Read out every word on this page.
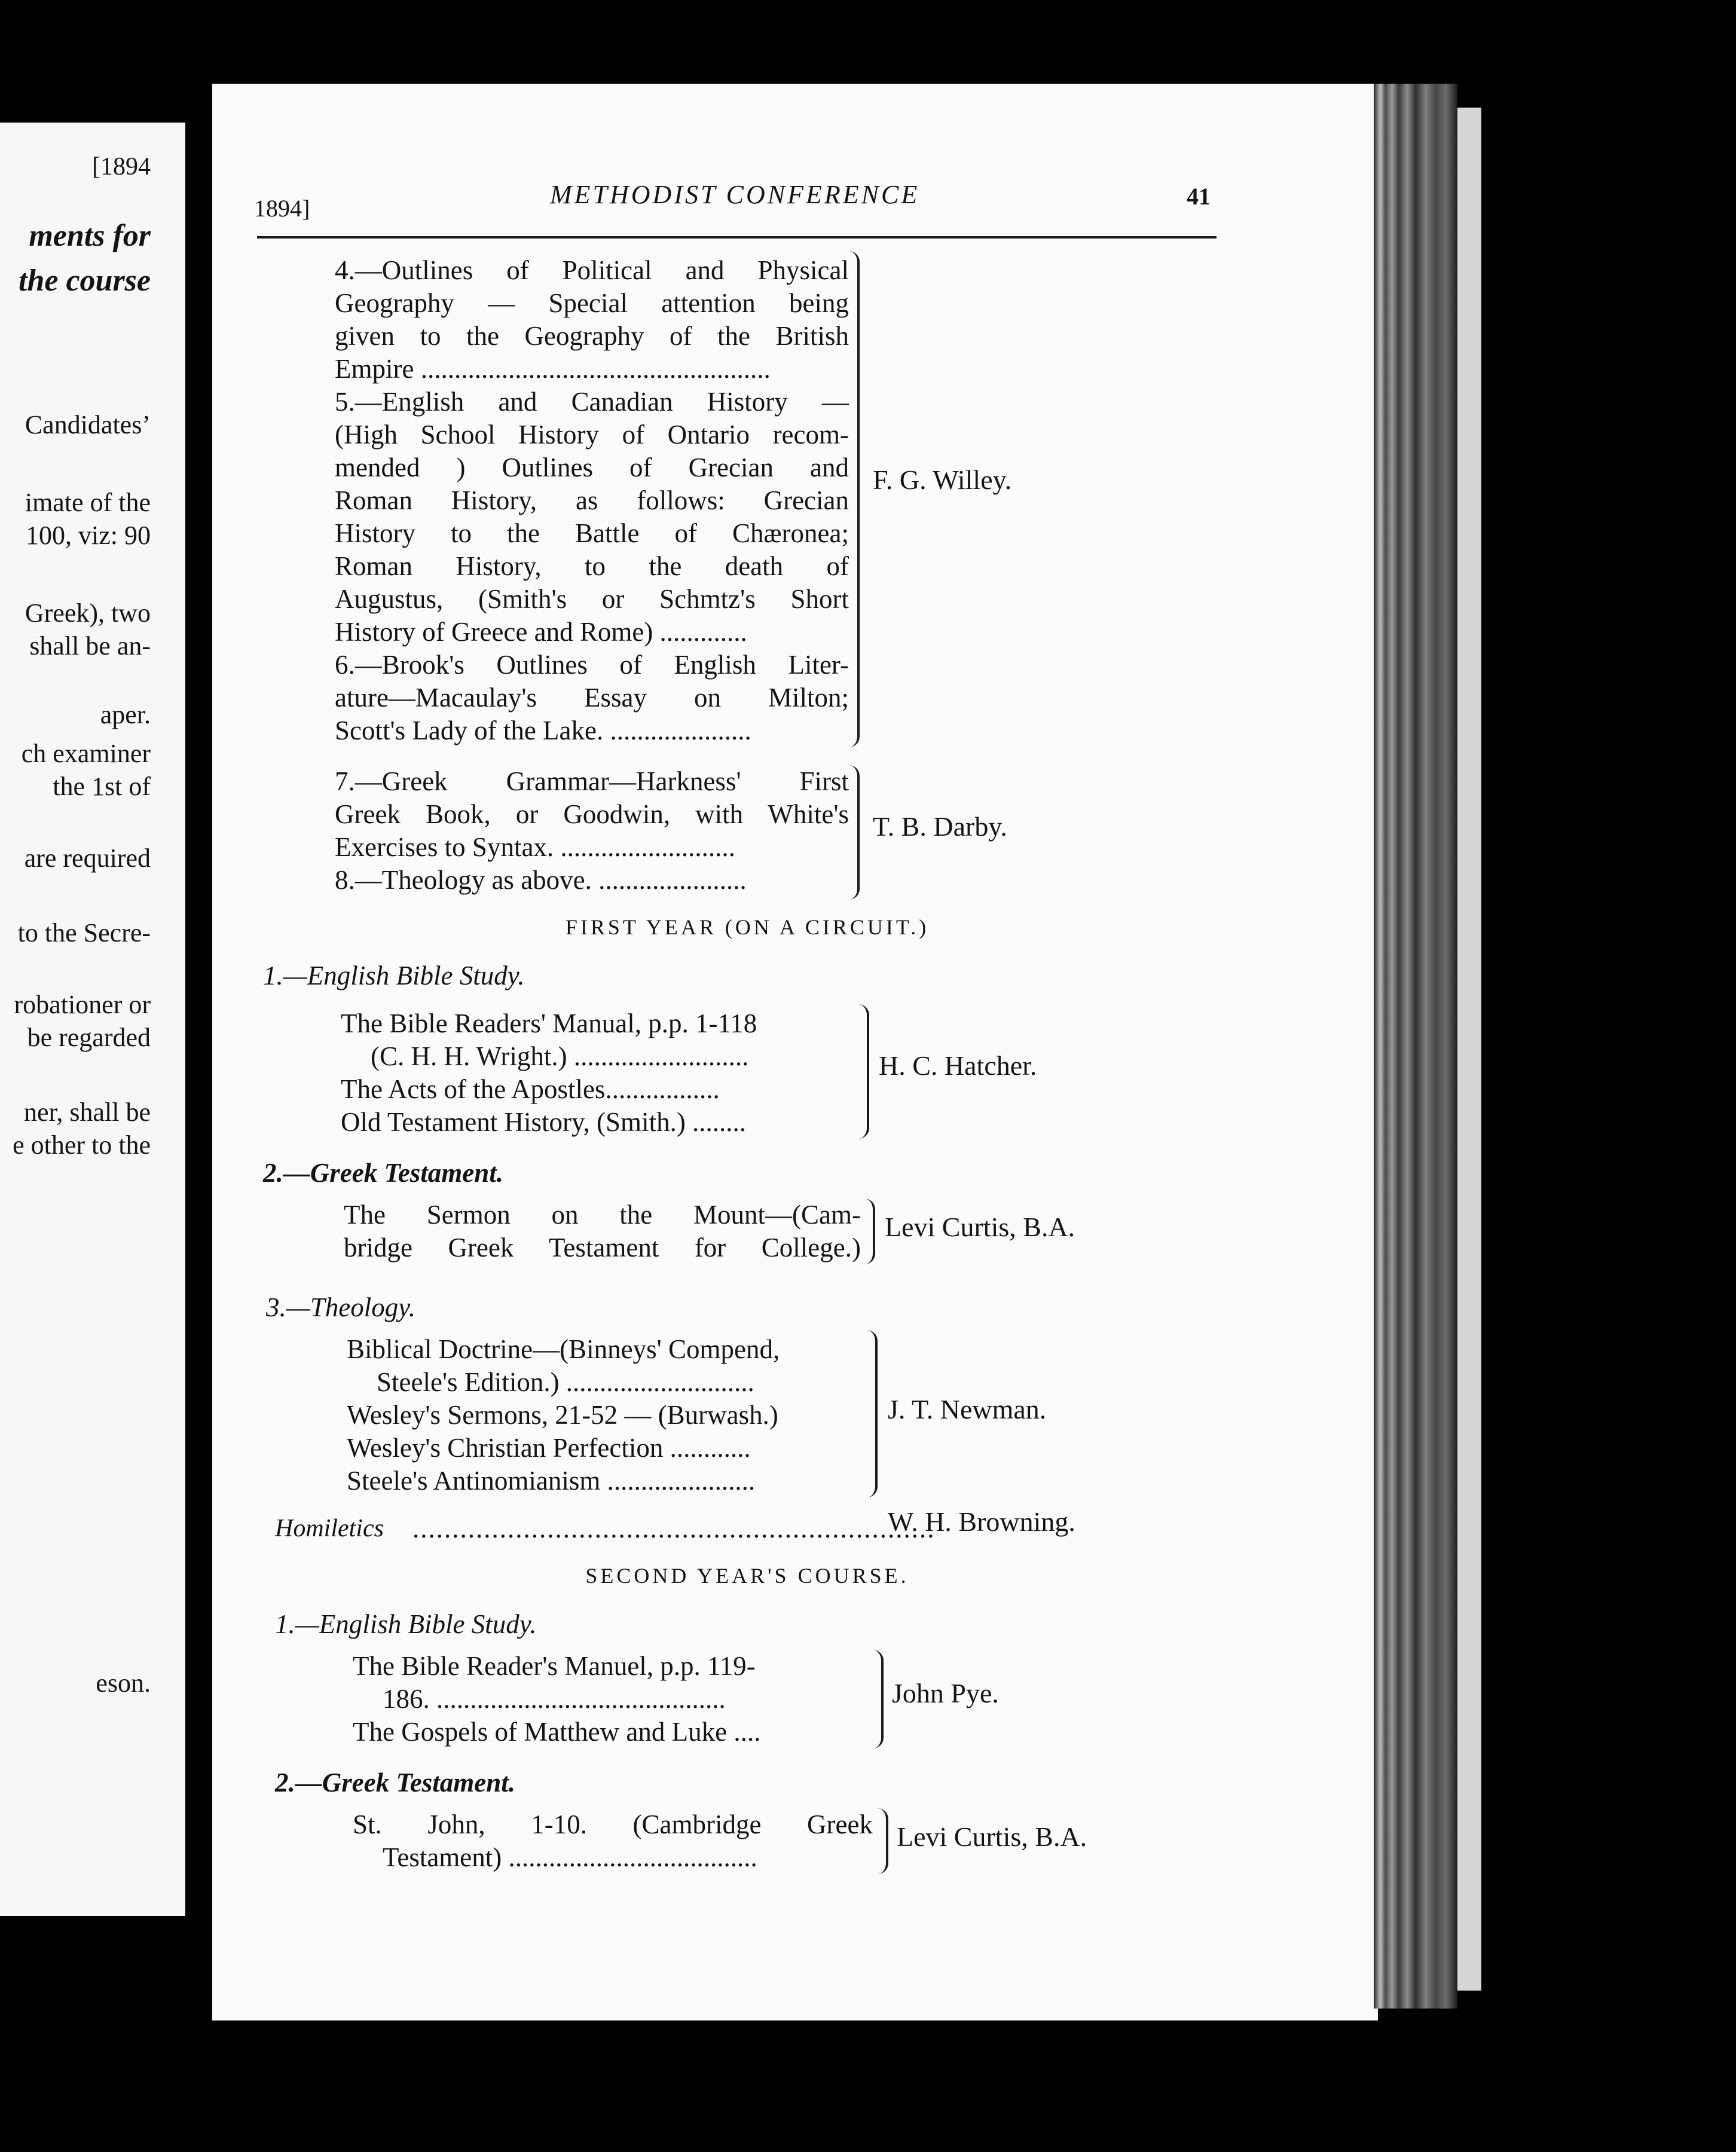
[1894
ments for
the course
Candidates’
imate of the
100, viz: 90
Greek), two
shall be an-
aper.
ch examiner
the 1st of
are required
to the Secre-
robationer or
be regarded
ner, shall be
e other to the
eson.
1894]	METHODIST CONFERENCE	41
4.—Outlines of Political and Physical
Geography — Special attention being
given to the Geography of the British
Empire ....................................................
5.—English and Canadian History —
(High School History of Ontario recom-
mended ) Outlines of Grecian and
Roman History, as follows: Grecian
History to the Battle of Chæronea;
Roman History, to the death of
Augustus, (Smith's or Schmtz's Short
History of Greece and Rome) .............
6.—Brook's Outlines of English Liter-
ature—Macaulay's Essay on Milton;
Scott's Lady of the Lake. .....................
F. G. Willey.
7.—Greek Grammar—Harkness' First
Greek Book, or Goodwin, with White's
Exercises to Syntax. ..........................
8.—Theology as above. ......................
T. B. Darby.
FIRST YEAR (ON A CIRCUIT.)
1.—English Bible Study.
The Bible Readers' Manual, p.p. 1-118
(C. H. H. Wright.) ..........................
The Acts of the Apostles.................
Old Testament History, (Smith.) ........
H. C. Hatcher.
2.—Greek Testament.
The Sermon on the Mount—(Cam-
bridge Greek Testament for College.)
Levi Curtis, B.A.
3.—Theology.
Biblical Doctrine—(Binneys' Compend,
Steele's Edition.) ............................
Wesley's Sermons, 21-52 — (Burwash.)
Wesley's Christian Perfection ............
Steele's Antinomianism ......................
J. T. Newman.
Homiletics ..................................................................
W. H. Browning.
SECOND YEAR'S COURSE.
1.—English Bible Study.
The Bible Reader's Manuel, p.p. 119-
186. ...........................................
The Gospels of Matthew and Luke ....
John Pye.
2.—Greek Testament.
St. John, 1-10. (Cambridge Greek
Testament) .....................................
Levi Curtis, B.A.
